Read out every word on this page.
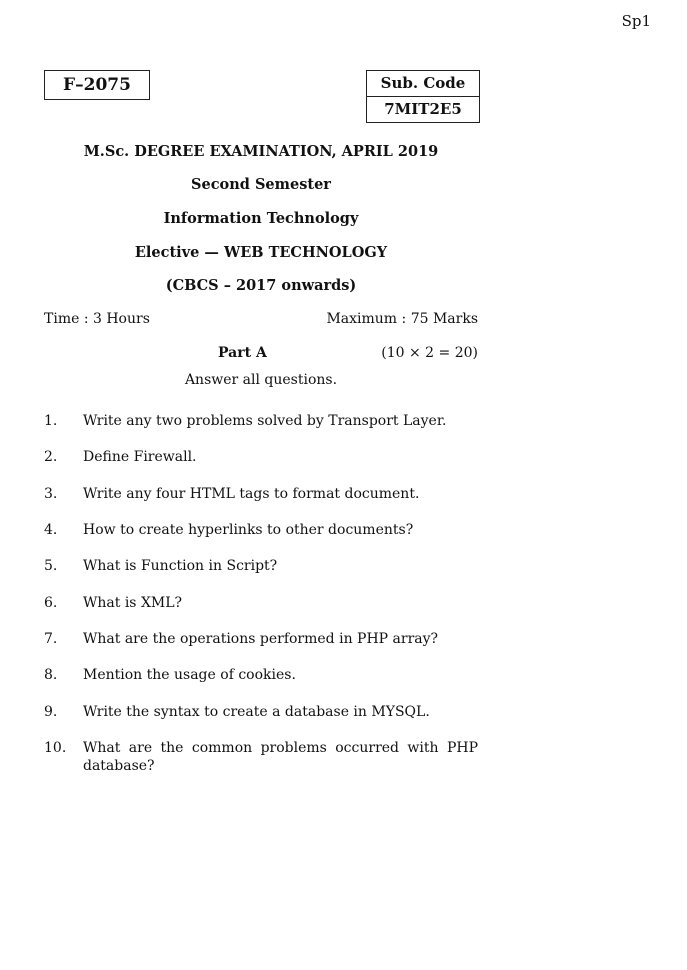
Sp1
F–2075	Sub. Code
7MIT2E5
M.Sc. DEGREE EXAMINATION, APRIL 2019
Second Semester
Information Technology
Elective — WEB TECHNOLOGY
(CBCS – 2017 onwards)
Time : 3 Hours	Maximum : 75 Marks
Part A	(10 × 2 = 20)
Answer all questions.
1. Write any two problems solved by Transport Layer.
2. Define Firewall.
3. Write any four HTML tags to format document.
4. How to create hyperlinks to other documents?
5. What is Function in Script?
6. What is XML?
7. What are the operations performed in PHP array?
8. Mention the usage of cookies.
9. Write the syntax to create a database in MYSQL.
10. What are the common problems occurred with PHP database?
